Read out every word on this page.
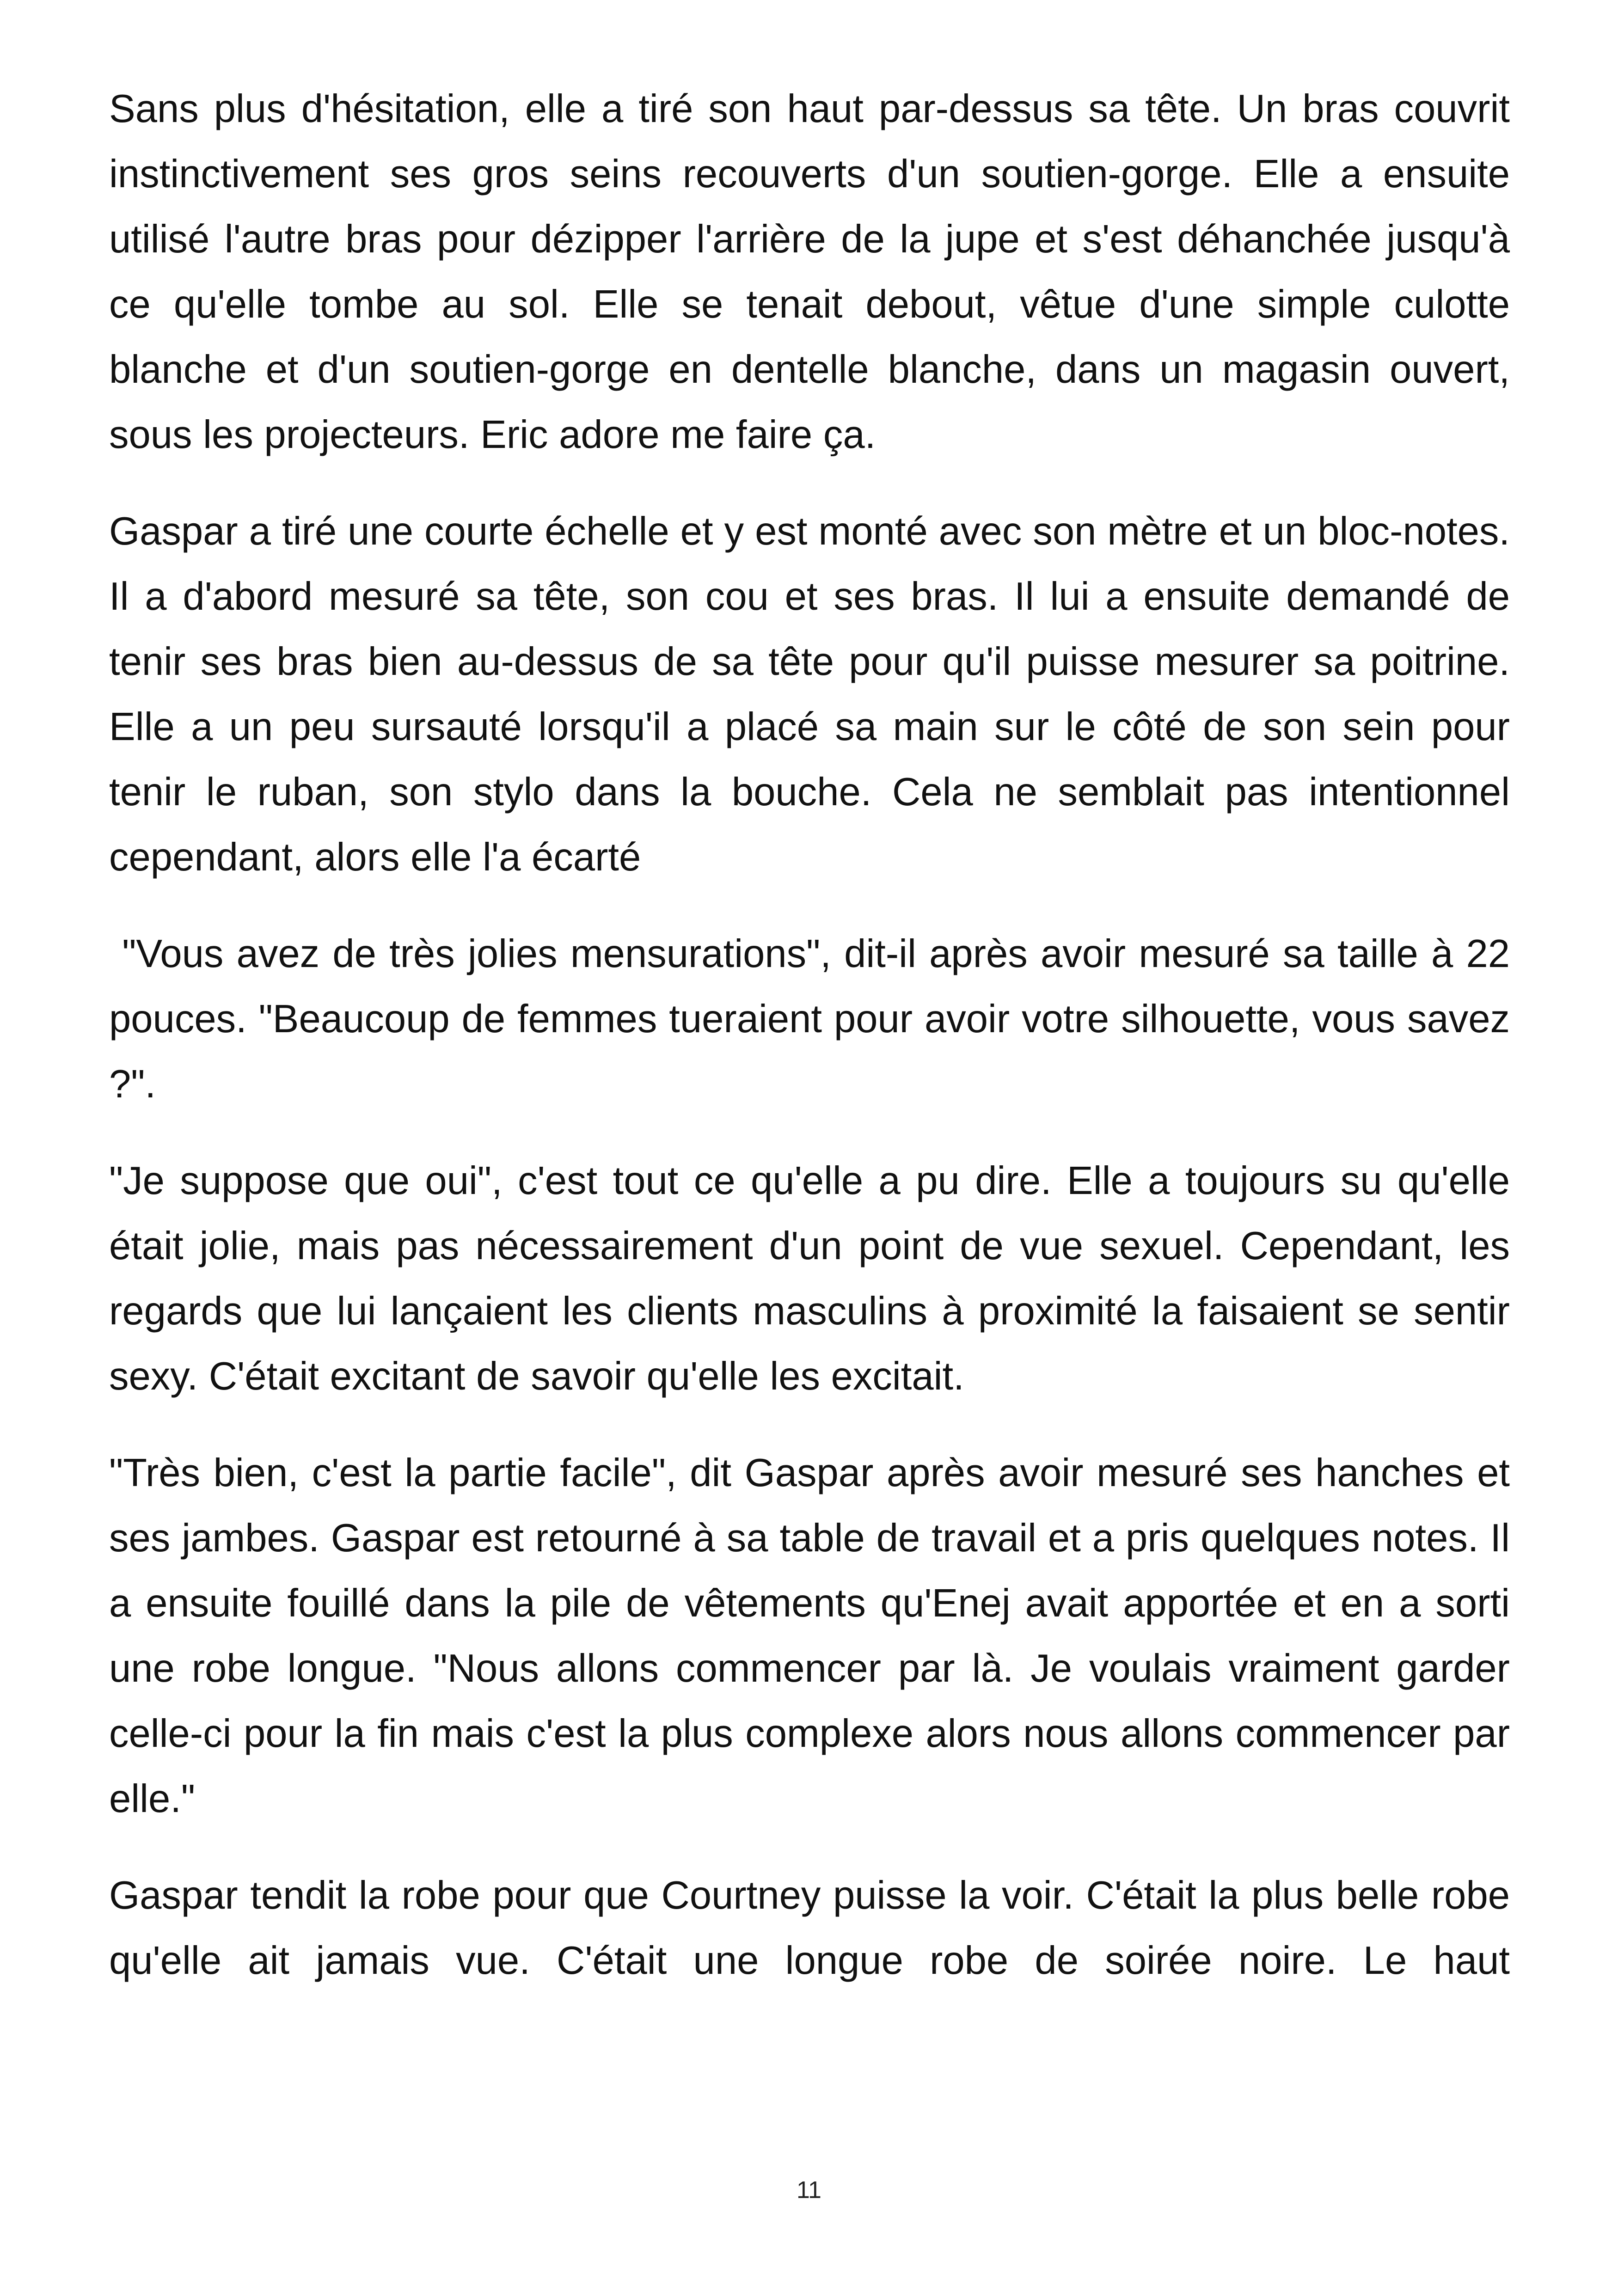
Sans plus d'hésitation, elle a tiré son haut par-dessus sa tête. Un bras couvrit instinctivement ses gros seins recouverts d'un soutien-gorge. Elle a ensuite utilisé l'autre bras pour dézipper l'arrière de la jupe et s'est déhanchée jusqu'à ce qu'elle tombe au sol. Elle se tenait debout, vêtue d'une simple culotte blanche et d'un soutien-gorge en dentelle blanche, dans un magasin ouvert, sous les projecteurs. Eric adore me faire ça.

Gaspar a tiré une courte échelle et y est monté avec son mètre et un bloc-notes. Il a d'abord mesuré sa tête, son cou et ses bras. Il lui a ensuite demandé de tenir ses bras bien au-dessus de sa tête pour qu'il puisse mesurer sa poitrine. Elle a un peu sursauté lorsqu'il a placé sa main sur le côté de son sein pour tenir le ruban, son stylo dans la bouche. Cela ne semblait pas intentionnel cependant, alors elle l'a écarté

"Vous avez de très jolies mensurations", dit-il après avoir mesuré sa taille à 22 pouces. "Beaucoup de femmes tueraient pour avoir votre silhouette, vous savez ?".

"Je suppose que oui", c'est tout ce qu'elle a pu dire. Elle a toujours su qu'elle était jolie, mais pas nécessairement d'un point de vue sexuel. Cependant, les regards que lui lançaient les clients masculins à proximité la faisaient se sentir sexy. C'était excitant de savoir qu'elle les excitait.

"Très bien, c'est la partie facile", dit Gaspar après avoir mesuré ses hanches et ses jambes. Gaspar est retourné à sa table de travail et a pris quelques notes. Il a ensuite fouillé dans la pile de vêtements qu'Enej avait apportée et en a sorti une robe longue. "Nous allons commencer par là. Je voulais vraiment garder celle-ci pour la fin mais c'est la plus complexe alors nous allons commencer par elle."

Gaspar tendit la robe pour que Courtney puisse la voir. C'était la plus belle robe qu'elle ait jamais vue. C'était une longue robe de soirée noire. Le haut

11
